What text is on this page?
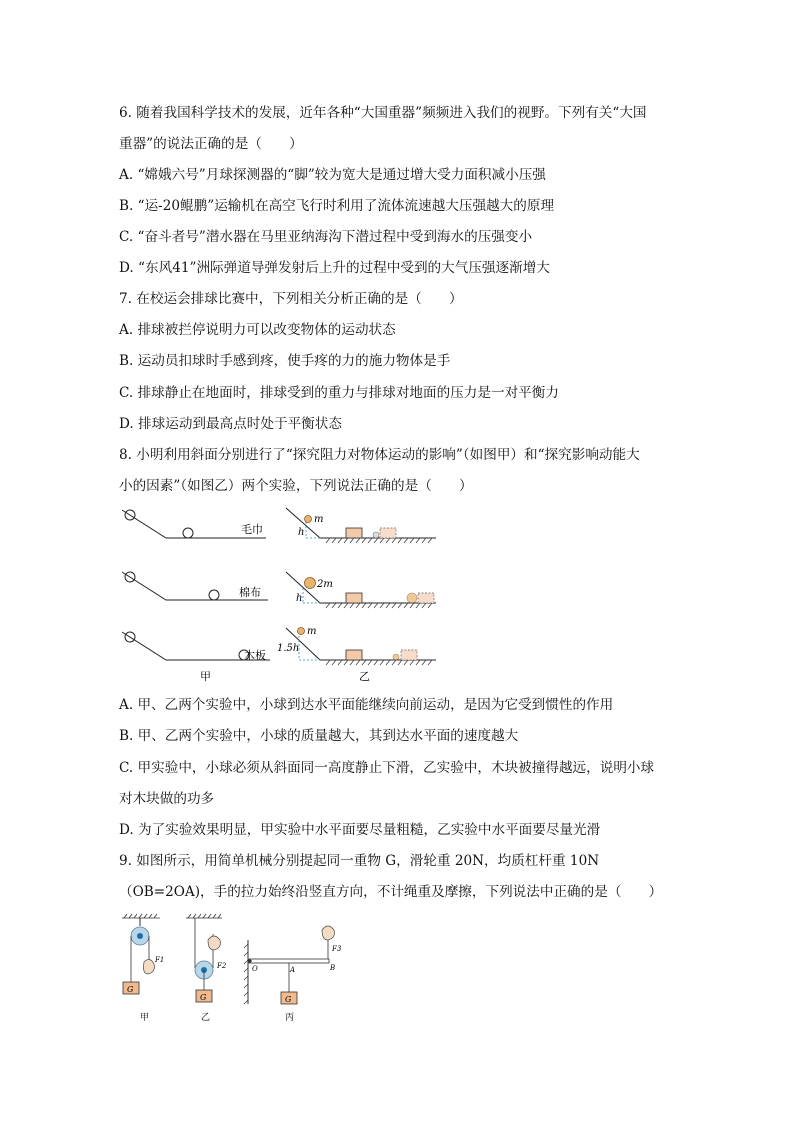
6. 随着我国科学技术的发展，近年各种“大国重器”频频进入我们的视野。下列有关“大国
重器”的说法正确的是（　　）
A. “嫦娥六号”月球探测器的“脚”较为宽大是通过增大受力面积减小压强
B. “运-20鲲鹏”运输机在高空飞行时利用了流体流速越大压强越大的原理
C. “奋斗者号”潜水器在马里亚纳海沟下潜过程中受到海水的压强变小
D. “东风41”洲际弹道导弹发射后上升的过程中受到的大气压强逐渐增大
7. 在校运会排球比赛中，下列相关分析正确的是（　　）
A. 排球被拦停说明力可以改变物体的运动状态
B. 运动员扣球时手感到疼，使手疼的力的施力物体是手
C. 排球静止在地面时，排球受到的重力与排球对地面的压力是一对平衡力
D. 排球运动到最高点时处于平衡状态
8. 小明利用斜面分别进行了“探究阻力对物体运动的影响”（如图甲）和“探究影响动能大
小的因素”（如图乙）两个实验，下列说法正确的是（　　）
毛巾
棉布
木板
甲
m
2m
m
h
h
1.5h
乙
A. 甲、乙两个实验中，小球到达水平面能继续向前运动，是因为它受到惯性的作用
B. 甲、乙两个实验中，小球的质量越大，其到达水平面的速度越大
C. 甲实验中，小球必须从斜面同一高度静止下滑，乙实验中，木块被撞得越远，说明小球
对木块做的功多
D. 为了实验效果明显，甲实验中水平面要尽量粗糙，乙实验中水平面要尽量光滑
9. 如图所示，用简单机械分别提起同一重物 G，滑轮重 20N，均质杠杆重 10N
（OB=2OA)，手的拉力始终沿竖直方向，不计绳重及摩擦，下列说法中正确的是（　　）
F1
G
甲
F2
G
乙
F3
G
O	A	B
丙
